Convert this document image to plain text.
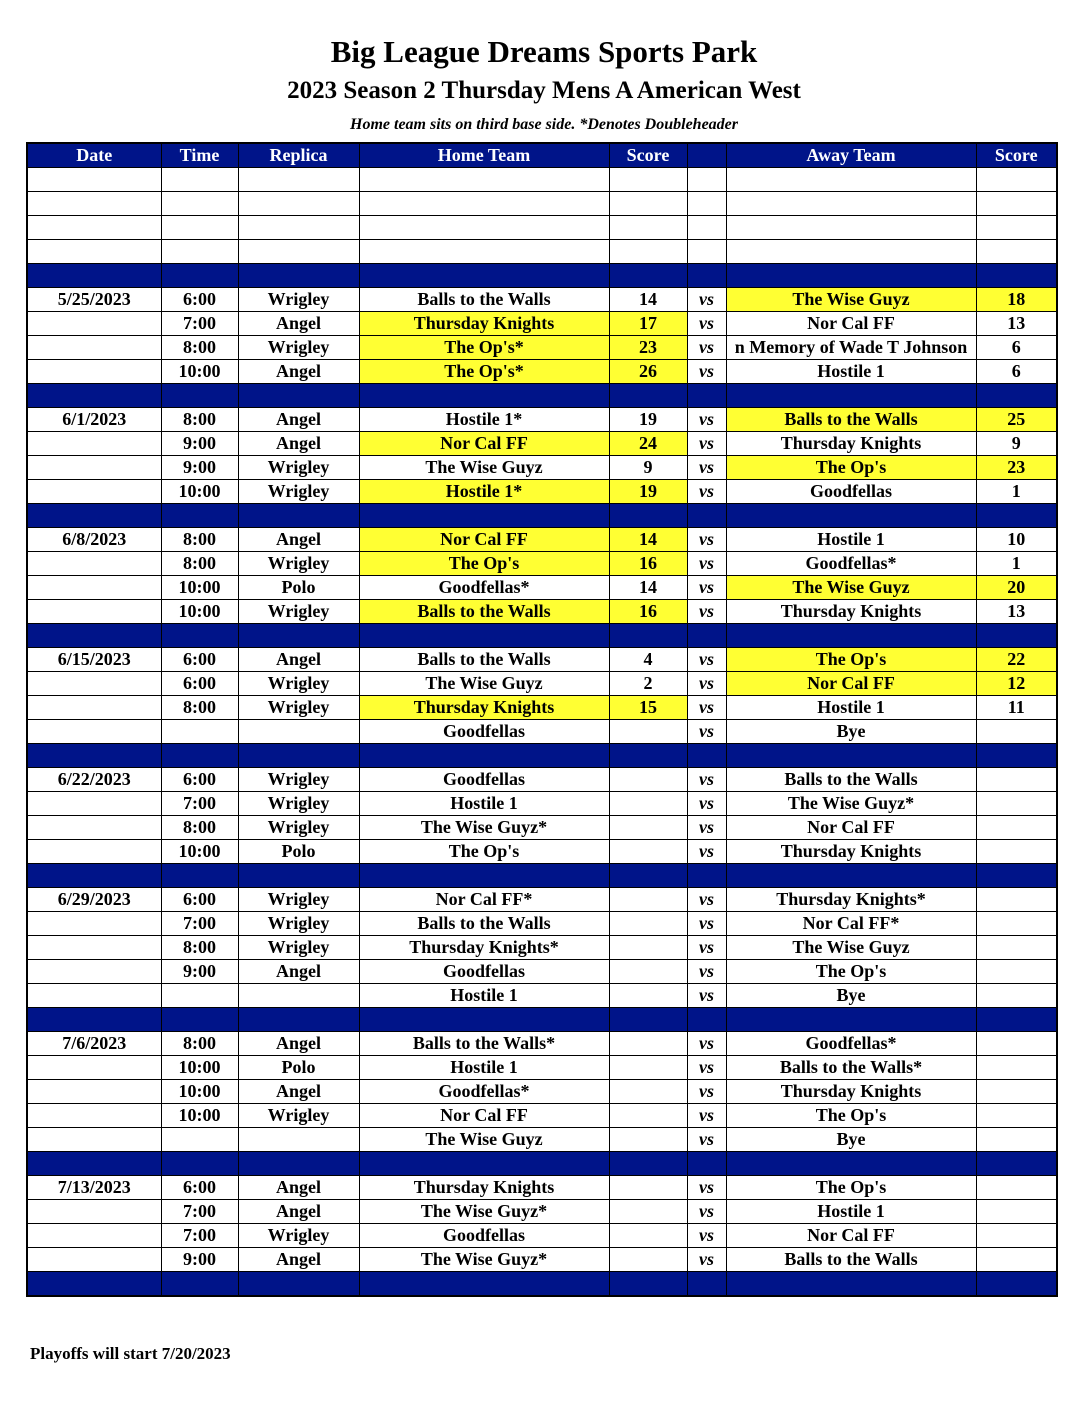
Big League Dreams Sports Park
2023 Season 2 Thursday Mens A American West
Home team sits on third base side. *Denotes Doubleheader
Date	Time	Replica	Home Team	Score		Away Team	Score

5/25/2023	6:00	Wrigley	Balls to the Walls	14	vs	The Wise Guyz	18
	7:00	Angel	Thursday Knights	17	vs	Nor Cal FF	13
	8:00	Wrigley	The Op's*	23	vs	n Memory of Wade T Johnson	6
	10:00	Angel	The Op's*	26	vs	Hostile 1	6

6/1/2023	8:00	Angel	Hostile 1*	19	vs	Balls to the Walls	25
	9:00	Angel	Nor Cal FF	24	vs	Thursday Knights	9
	9:00	Wrigley	The Wise Guyz	9	vs	The Op's	23
	10:00	Wrigley	Hostile 1*	19	vs	Goodfellas	1

6/8/2023	8:00	Angel	Nor Cal FF	14	vs	Hostile 1	10
	8:00	Wrigley	The Op's	16	vs	Goodfellas*	1
	10:00	Polo	Goodfellas*	14	vs	The Wise Guyz	20
	10:00	Wrigley	Balls to the Walls	16	vs	Thursday Knights	13

6/15/2023	6:00	Angel	Balls to the Walls	4	vs	The Op's	22
	6:00	Wrigley	The Wise Guyz	2	vs	Nor Cal FF	12
	8:00	Wrigley	Thursday Knights	15	vs	Hostile 1	11
			Goodfellas		vs	Bye	

6/22/2023	6:00	Wrigley	Goodfellas		vs	Balls to the Walls	
	7:00	Wrigley	Hostile 1		vs	The Wise Guyz*	
	8:00	Wrigley	The Wise Guyz*		vs	Nor Cal FF	
	10:00	Polo	The Op's		vs	Thursday Knights	

6/29/2023	6:00	Wrigley	Nor Cal FF*		vs	Thursday Knights*	
	7:00	Wrigley	Balls to the Walls		vs	Nor Cal FF*	
	8:00	Wrigley	Thursday Knights*		vs	The Wise Guyz	
	9:00	Angel	Goodfellas		vs	The Op's	
			Hostile 1		vs	Bye	

7/6/2023	8:00	Angel	Balls to the Walls*		vs	Goodfellas*	
	10:00	Polo	Hostile 1		vs	Balls to the Walls*	
	10:00	Angel	Goodfellas*		vs	Thursday Knights	
	10:00	Wrigley	Nor Cal FF		vs	The Op's	
			The Wise Guyz		vs	Bye	

7/13/2023	6:00	Angel	Thursday Knights		vs	The Op's	
	7:00	Angel	The Wise Guyz*		vs	Hostile 1	
	7:00	Wrigley	Goodfellas		vs	Nor Cal FF	
	9:00	Angel	The Wise Guyz*		vs	Balls to the Walls	

Playoffs will start 7/20/2023
